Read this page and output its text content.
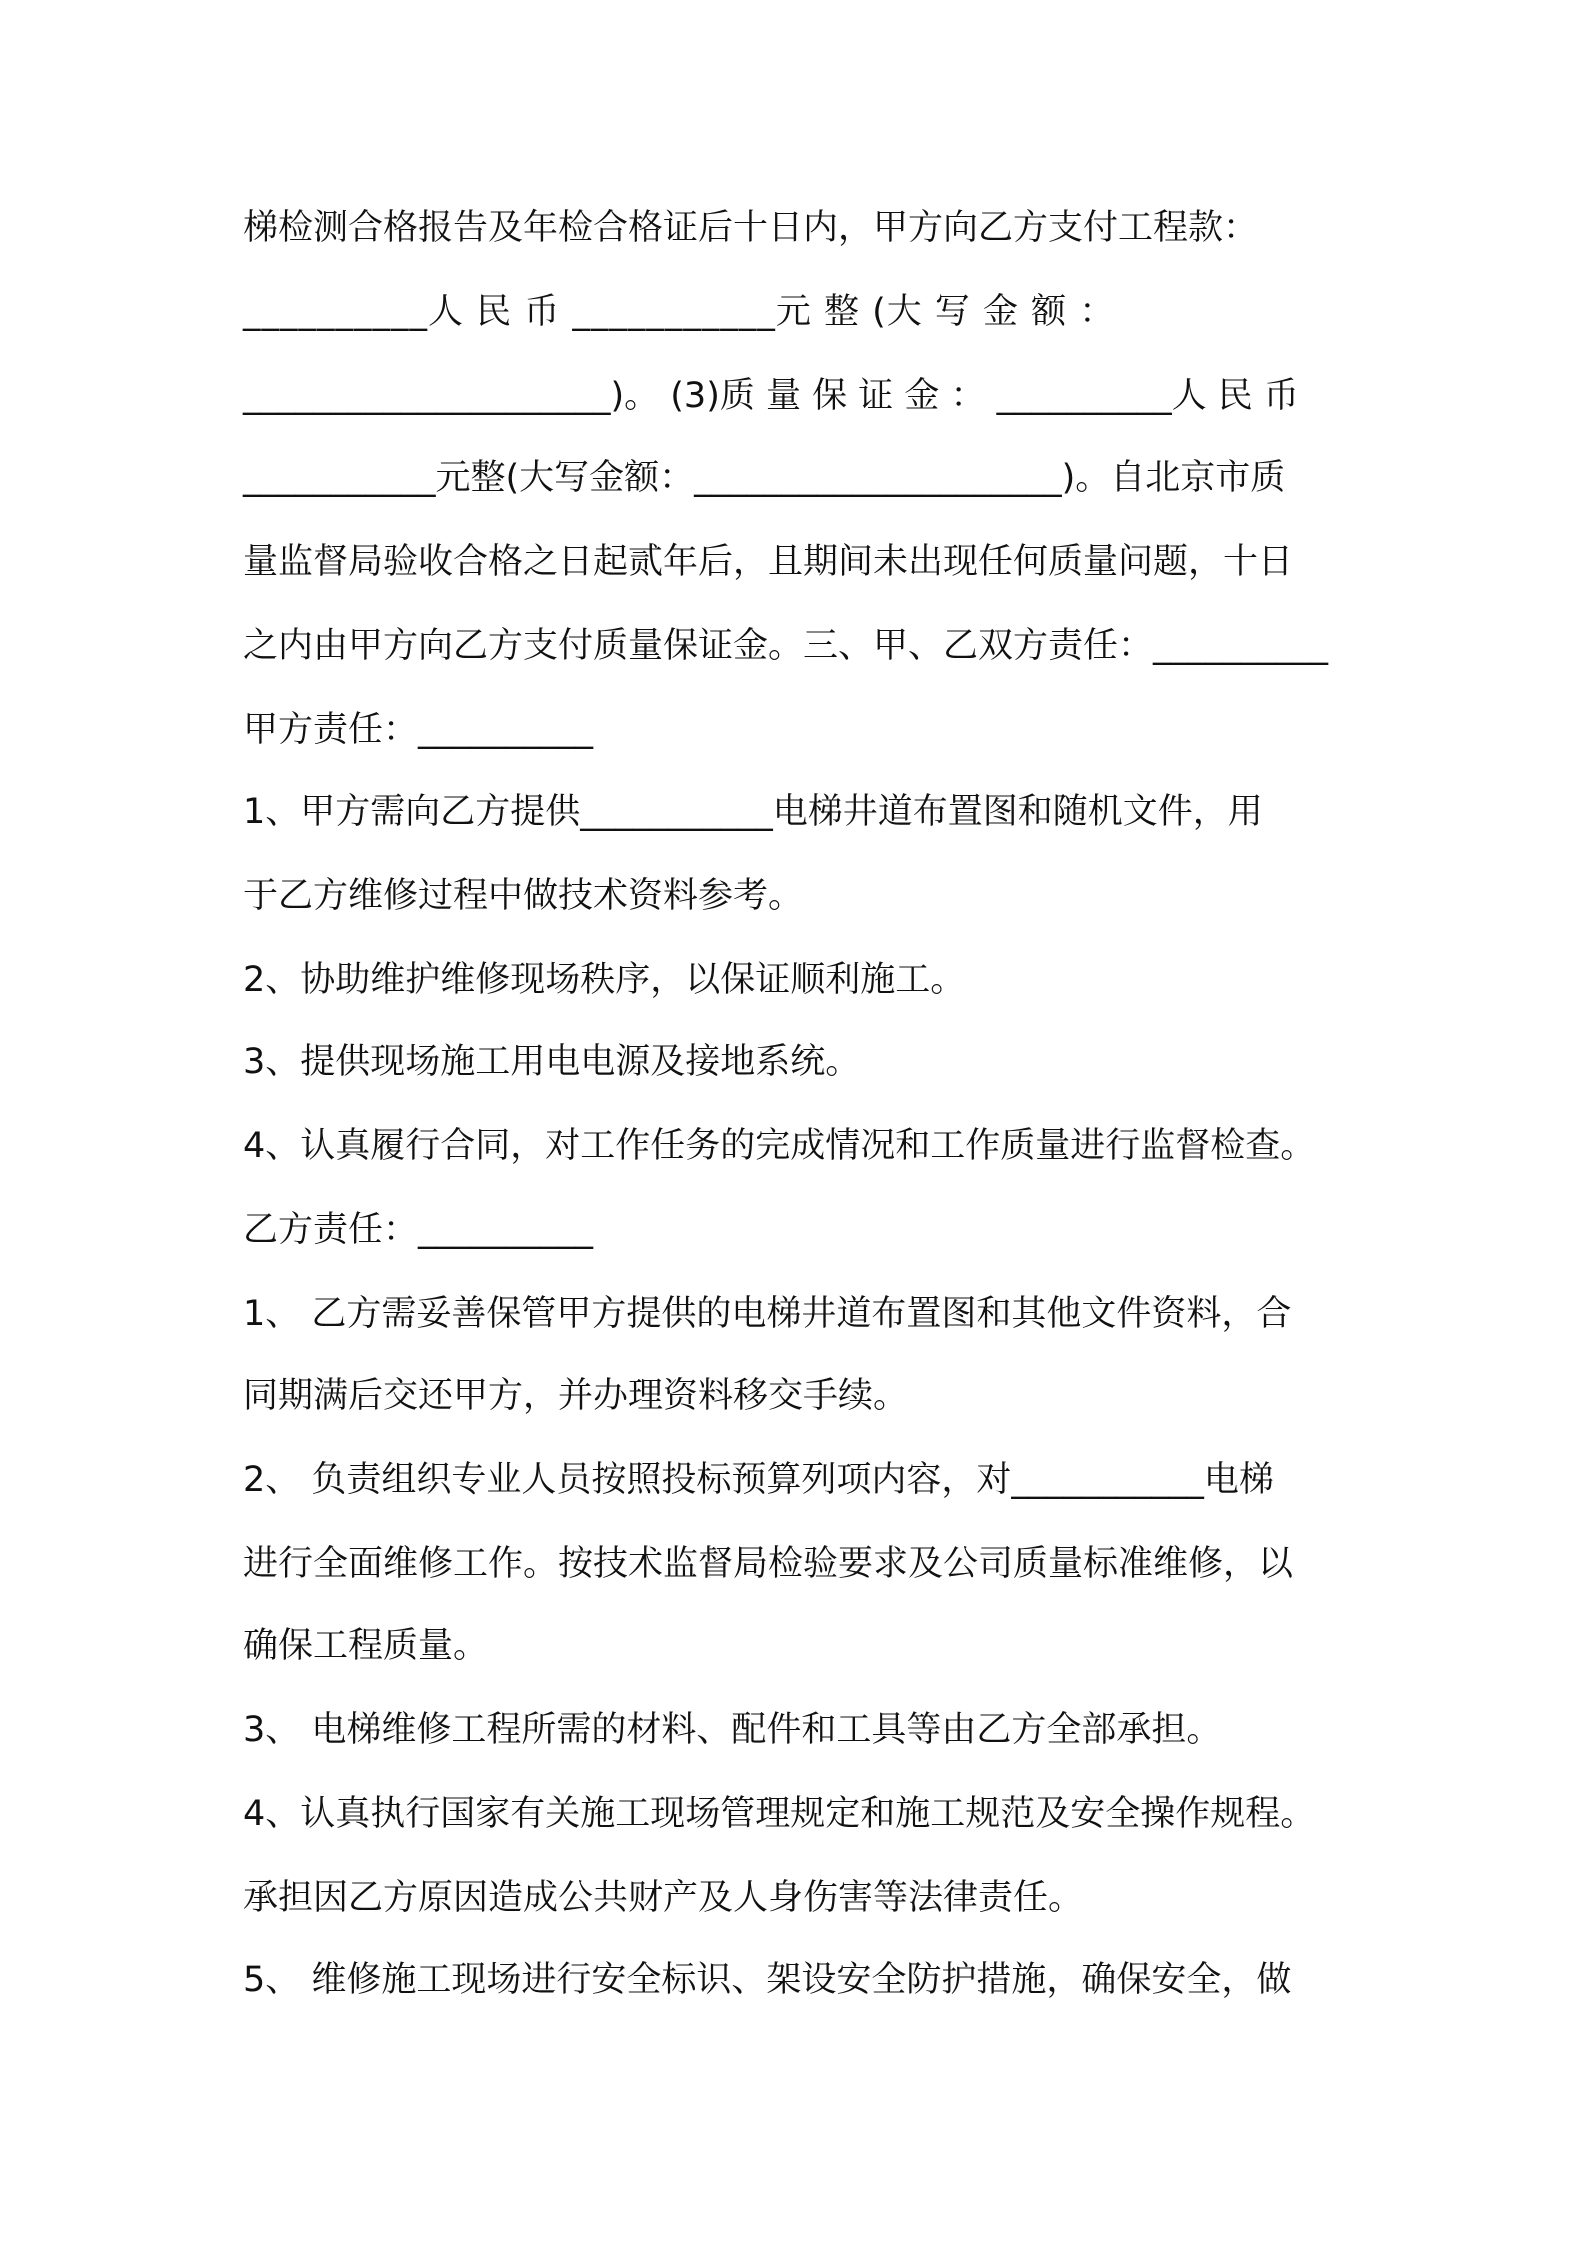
梯检测合格报告及年检合格证后十日内，甲方向乙方支付工程款：
__________人 民 币 ___________元 整 (大 写 金 额 ：
_____________________)。 (3)质 量 保 证 金 ： __________人 民 币
___________元整(大写金额：_____________________)。自北京市质
量监督局验收合格之日起贰年后，且期间未出现任何质量问题，十日
之内由甲方向乙方支付质量保证金。三、甲、乙双方责任：__________
甲方责任：__________
1、甲方需向乙方提供___________电梯井道布置图和随机文件，用
于乙方维修过程中做技术资料参考。
2、协助维护维修现场秩序，以保证顺利施工。
3、提供现场施工用电电源及接地系统。
4、认真履行合同，对工作任务的完成情况和工作质量进行监督检查。
乙方责任：__________
1、 乙方需妥善保管甲方提供的电梯井道布置图和其他文件资料，合
同期满后交还甲方，并办理资料移交手续。
2、 负责组织专业人员按照投标预算列项内容，对___________电梯
进行全面维修工作。按技术监督局检验要求及公司质量标准维修，以
确保工程质量。
3、 电梯维修工程所需的材料、配件和工具等由乙方全部承担。
4、认真执行国家有关施工现场管理规定和施工规范及安全操作规程。
承担因乙方原因造成公共财产及人身伤害等法律责任。
5、 维修施工现场进行安全标识、架设安全防护措施，确保安全，做
